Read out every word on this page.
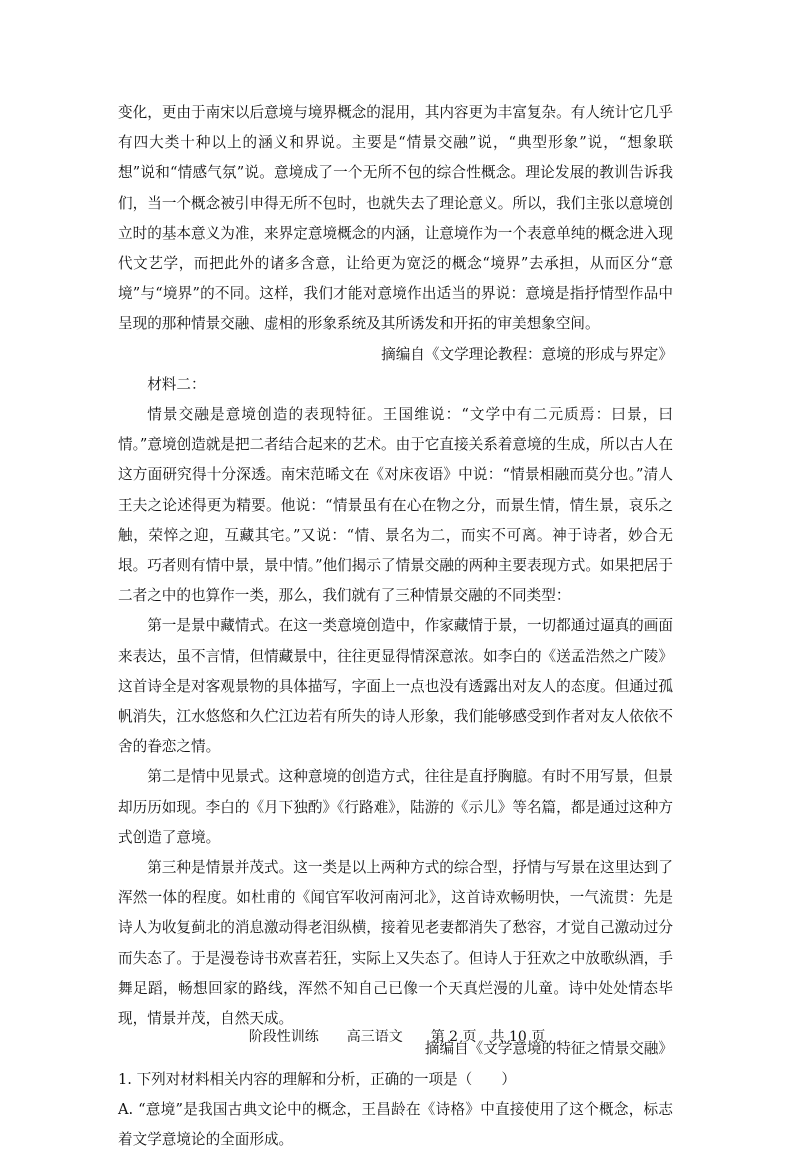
变化，更由于南宋以后意境与境界概念的混用，其内容更为丰富复杂。有人统计它几乎有四大类十种以上的涵义和界说。主要是“情景交融”说，“典型形象”说，“想象联想”说和“情感气氛”说。意境成了一个无所不包的综合性概念。理论发展的教训告诉我们，当一个概念被引申得无所不包时，也就失去了理论意义。所以，我们主张以意境创立时的基本意义为准，来界定意境概念的内涵，让意境作为一个表意单纯的概念进入现代文艺学，而把此外的诸多含意，让给更为宽泛的概念“境界”去承担，从而区分“意境”与“境界”的不同。这样，我们才能对意境作出适当的界说：意境是指抒情型作品中呈现的那种情景交融、虚相的形象系统及其所诱发和开拓的审美想象空间。

摘编自《文学理论教程：意境的形成与界定》

材料二：

情景交融是意境创造的表现特征。王国维说：“文学中有二元质焉：曰景，曰情。”意境创造就是把二者结合起来的艺术。由于它直接关系着意境的生成，所以古人在这方面研究得十分深透。南宋范晞文在《对床夜语》中说：“情景相融而莫分也。”清人王夫之论述得更为精要。他说：“情景虽有在心在物之分，而景生情，情生景，哀乐之触，荣悴之迎，互藏其宅。”又说：“情、景名为二，而实不可离。神于诗者，妙合无垠。巧者则有情中景，景中情。”他们揭示了情景交融的两种主要表现方式。如果把居于二者之中的也算作一类，那么，我们就有了三种情景交融的不同类型：

第一是景中藏情式。在这一类意境创造中，作家藏情于景，一切都通过逼真的画面来表达，虽不言情，但情藏景中，往往更显得情深意浓。如李白的《送孟浩然之广陵》这首诗全是对客观景物的具体描写，字面上一点也没有透露出对友人的态度。但通过孤帆消失，江水悠悠和久伫江边若有所失的诗人形象，我们能够感受到作者对友人依依不舍的眷恋之情。

第二是情中见景式。这种意境的创造方式，往往是直抒胸臆。有时不用写景，但景却历历如现。李白的《月下独酌》《行路难》，陆游的《示儿》等名篇，都是通过这种方式创造了意境。

第三种是情景并茂式。这一类是以上两种方式的综合型，抒情与写景在这里达到了浑然一体的程度。如杜甫的《闻官军收河南河北》，这首诗欢畅明快，一气流贯：先是诗人为收复蓟北的消息激动得老泪纵横，接着见老妻都消失了愁容，才觉自己激动过分而失态了。于是漫卷诗书欢喜若狂，实际上又失态了。但诗人于狂欢之中放歌纵酒，手舞足蹈，畅想回家的路线，浑然不知自己已像一个天真烂漫的儿童。诗中处处情态毕现，情景并茂，自然天成。

摘编自《文学意境的特征之情景交融》

1. 下列对材料相关内容的理解和分析，正确的一项是（　　）

A. “意境”是我国古典文论中的概念，王昌龄在《诗格》中直接使用了这个概念，标志着文学意境论的全面形成。

阶段性训练　　高三语文　　第 2 页　共 10 页
